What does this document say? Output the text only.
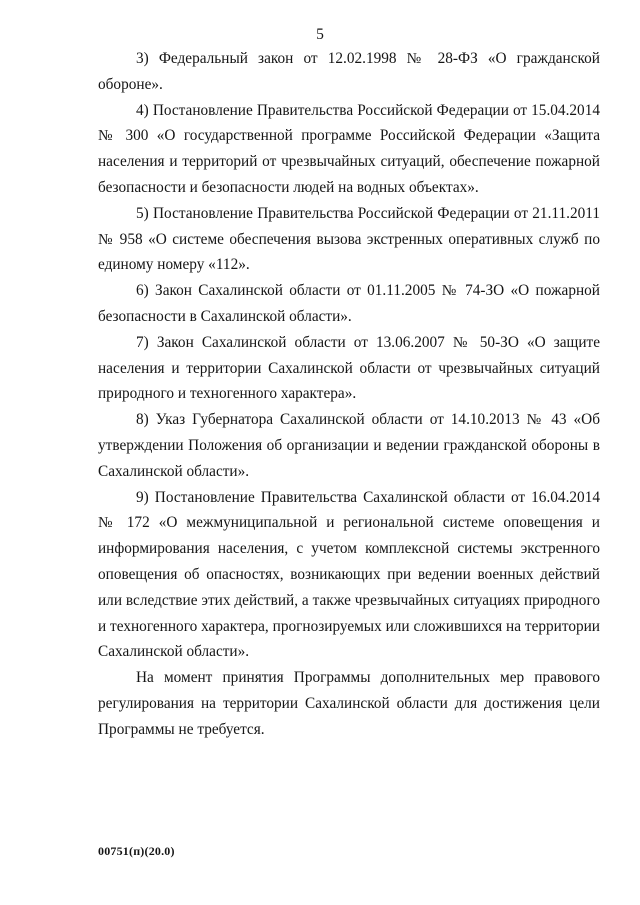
5

3) Федеральный закон от 12.02.1998 № 28-ФЗ «О гражданской обороне».

4) Постановление Правительства Российской Федерации от 15.04.2014 № 300 «О государственной программе Российской Федерации «Защита населения и территорий от чрезвычайных ситуаций, обеспечение пожарной безопасности и безопасности людей на водных объектах».

5) Постановление Правительства Российской Федерации от 21.11.2011 № 958 «О системе обеспечения вызова экстренных оперативных служб по единому номеру «112».

6) Закон Сахалинской области от 01.11.2005 № 74-ЗО «О пожарной безопасности в Сахалинской области».

7) Закон Сахалинской области от 13.06.2007 № 50-ЗО «О защите населения и территории Сахалинской области от чрезвычайных ситуаций природного и техногенного характера».

8) Указ Губернатора Сахалинской области от 14.10.2013 № 43 «Об утверждении Положения об организации и ведении гражданской обороны в Сахалинской области».

9) Постановление Правительства Сахалинской области от 16.04.2014 № 172 «О межмуниципальной и региональной системе оповещения и информирования населения, с учетом комплексной системы экстренного оповещения об опасностях, возникающих при ведении военных действий или вследствие этих действий, а также чрезвычайных ситуациях природного и техногенного характера, прогнозируемых или сложившихся на территории Сахалинской области».

На момент принятия Программы дополнительных мер правового регулирования на территории Сахалинской области для достижения цели Программы не требуется.

00751(п)(20.0)
